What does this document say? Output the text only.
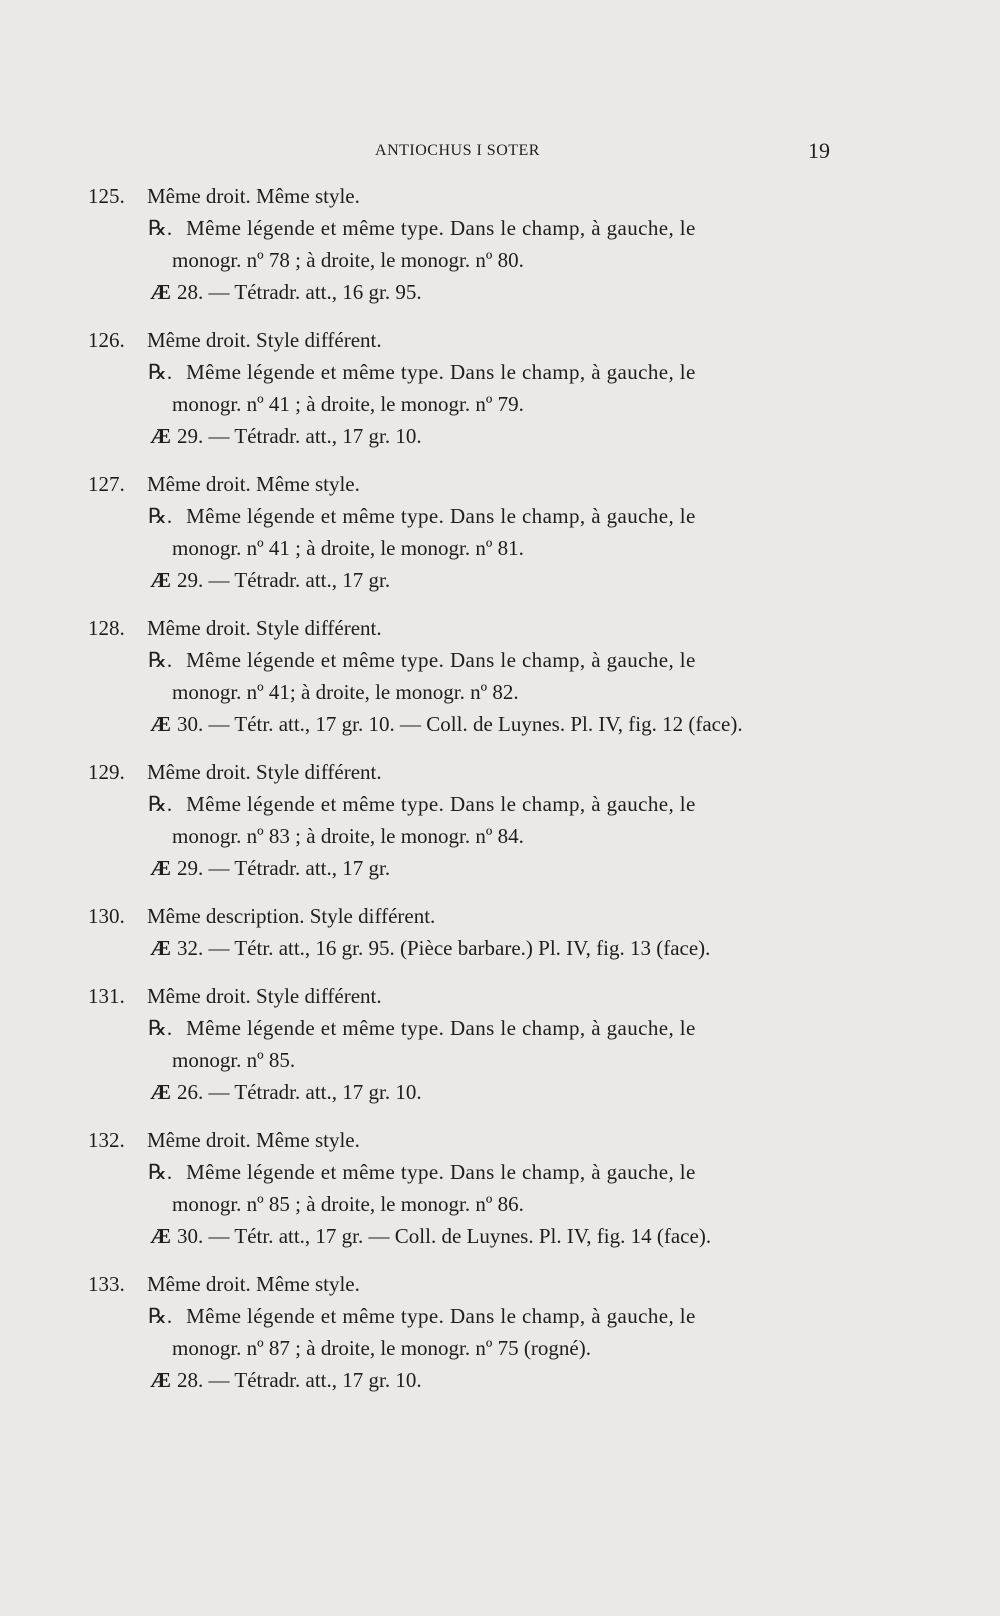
ANTIOCHUS I SOTER	19
125.	Même droit. Même style.
℞. Même légende et même type. Dans le champ, à gauche, le
monogr. nº 78 ; à droite, le monogr. nº 80.
Æ 28. — Tétradr. att., 16 gr. 95.
126.	Même droit. Style différent.
℞. Même légende et même type. Dans le champ, à gauche, le
monogr. nº 41 ; à droite, le monogr. nº 79.
Æ 29. — Tétradr. att., 17 gr. 10.
127.	Même droit. Même style.
℞. Même légende et même type. Dans le champ, à gauche, le
monogr. nº 41 ; à droite, le monogr. nº 81.
Æ 29. — Tétradr. att., 17 gr.
128.	Même droit. Style différent.
℞. Même légende et même type. Dans le champ, à gauche, le
monogr. nº 41; à droite, le monogr. nº 82.
Æ 30. — Tétr. att., 17 gr. 10. — Coll. de Luynes. Pl. IV, fig. 12 (face).
129.	Même droit. Style différent.
℞. Même légende et même type. Dans le champ, à gauche, le
monogr. nº 83 ; à droite, le monogr. nº 84.
Æ 29. — Tétradr. att., 17 gr.
130.	Même description. Style différent.
Æ 32. — Tétr. att., 16 gr. 95. (Pièce barbare.) Pl. IV, fig. 13 (face).
131.	Même droit. Style différent.
℞. Même légende et même type. Dans le champ, à gauche, le
monogr. nº 85.
Æ 26. — Tétradr. att., 17 gr. 10.
132.	Même droit. Même style.
℞. Même légende et même type. Dans le champ, à gauche, le
monogr. nº 85 ; à droite, le monogr. nº 86.
Æ 30. — Tétr. att., 17 gr. — Coll. de Luynes. Pl. IV, fig. 14 (face).
133.	Même droit. Même style.
℞. Même légende et même type. Dans le champ, à gauche, le
monogr. nº 87 ; à droite, le monogr. nº 75 (rogné).
Æ 28. — Tétradr. att., 17 gr. 10.
